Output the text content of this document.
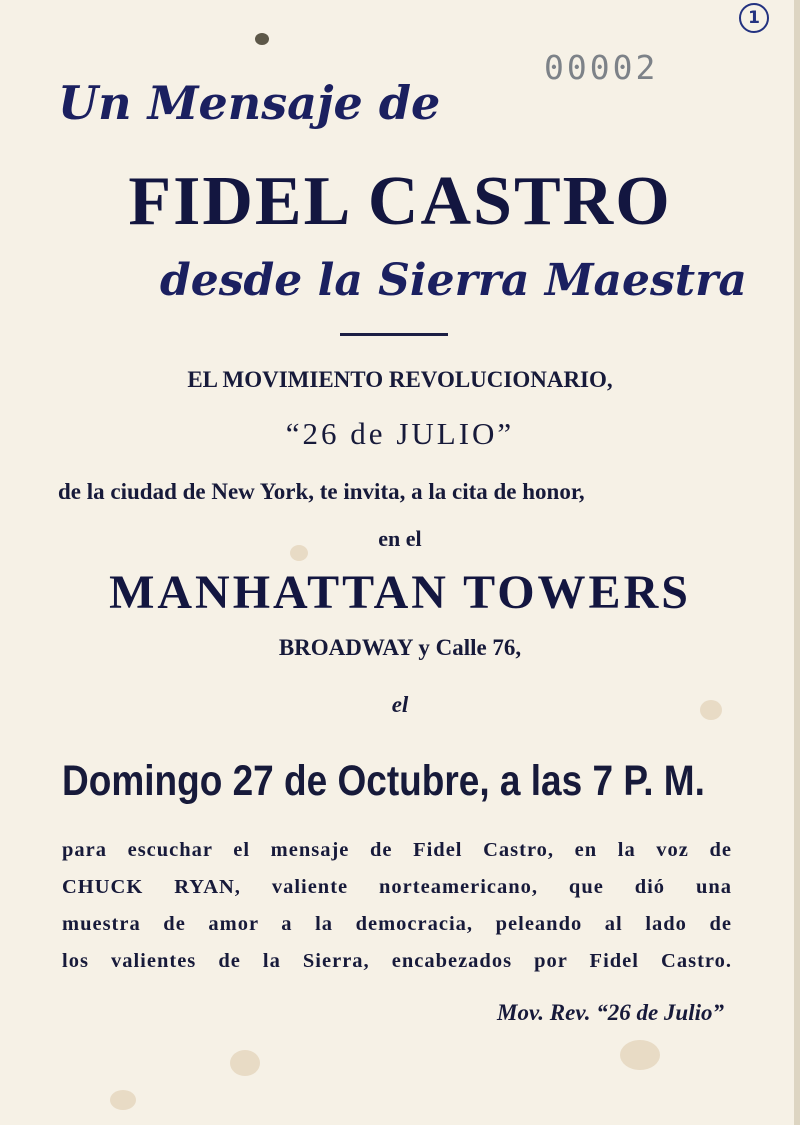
1
00002
Un Mensaje de
FIDEL CASTRO
desde la Sierra Maestra
EL MOVIMIENTO REVOLUCIONARIO,
“26 de JULIO”
de la ciudad de New York, te invita, a la cita de honor,
en el
MANHATTAN TOWERS
BROADWAY y Calle 76,
el
Domingo 27 de Octubre, a las 7 P. M.
para escuchar el mensaje de Fidel Castro, en la voz de
CHUCK RYAN, valiente norteamericano, que dió una
muestra de amor a la democracia, peleando al lado de
los valientes de la Sierra, encabezados por Fidel Castro.
Mov. Rev. “26 de Julio”
